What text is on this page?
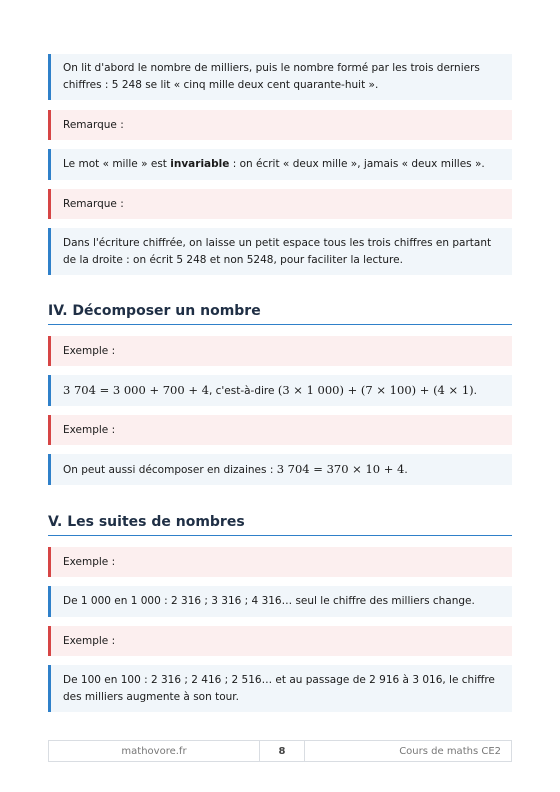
On lit d'abord le nombre de milliers, puis le nombre formé par les trois derniers chiffres : 5 248 se lit « cinq mille deux cent quarante-huit ».
Remarque :
Le mot « mille » est invariable : on écrit « deux mille », jamais « deux milles ».
Remarque :
Dans l'écriture chiffrée, on laisse un petit espace tous les trois chiffres en partant de la droite : on écrit 5 248 et non 5248, pour faciliter la lecture.
IV. Décomposer un nombre
Exemple :
3 704 = 3 000 + 700 + 4, c'est-à-dire (3 × 1 000) + (7 × 100) + (4 × 1).
Exemple :
On peut aussi décomposer en dizaines : 3 704 = 370 × 10 + 4.
V. Les suites de nombres
Exemple :
De 1 000 en 1 000 : 2 316 ; 3 316 ; 4 316… seul le chiffre des milliers change.
Exemple :
De 100 en 100 : 2 316 ; 2 416 ; 2 516… et au passage de 2 916 à 3 016, le chiffre des milliers augmente à son tour.
mathovore.fr	8	Cours de maths CE2
